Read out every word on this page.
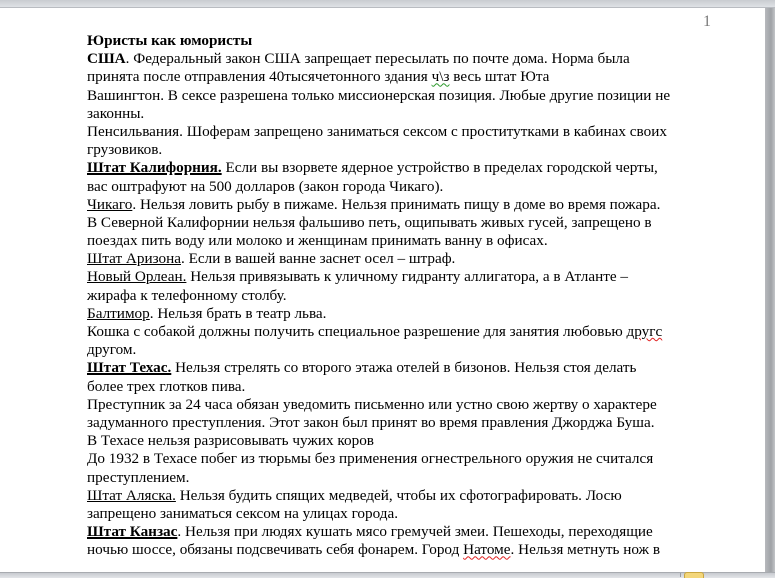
1
Юристы как юмористы
США. Федеральный закон США запрещает пересылать по почте дома. Норма была
принята после отправления 40тысячетонного здания ч\з весь штат Юта
Вашингтон. В сексе разрешена только миссионерская позиция. Любые другие позиции не
законны.
Пенсильвания. Шоферам запрещено заниматься сексом с проститутками в кабинах своих
грузовиков.
Штат Калифорния. Если вы взорвете ядерное устройство в пределах городской черты,
вас оштрафуют на 500 долларов (закон города Чикаго).
Чикаго. Нельзя ловить рыбу в пижаме. Нельзя принимать пищу в доме во время пожара.
В Северной Калифорнии нельзя фальшиво петь, ощипывать живых гусей, запрещено в
поездах пить воду или молоко и женщинам принимать ванну в офисах.
Штат Аризона. Если в вашей ванне заснет осел – штраф.
Новый Орлеан. Нельзя привязывать к уличному гидранту аллигатора, а в Атланте –
жирафа к телефонному столбу.
Балтимор. Нельзя брать в театр льва.
Кошка с собакой должны получить специальное разрешение для занятия любовью другс
другом.
Штат Техас. Нельзя стрелять со второго этажа отелей в бизонов. Нельзя стоя делать
более трех глотков пива.
Преступник за 24 часа обязан уведомить письменно или устно свою жертву о характере
задуманного преступления. Этот закон был принят во время правления Джорджа Буша.
В Техасе нельзя разрисовывать чужих коров
До 1932 в Техасе побег из тюрьмы без применения огнестрельного оружия не считался
преступлением.
Штат Аляска. Нельзя будить спящих медведей, чтобы их сфотографировать. Лосю
запрещено заниматься сексом на улицах города.
Штат Канзас. Нельзя при людях кушать мясо гремучей змеи. Пешеходы, переходящие
ночью шоссе, обязаны подсвечивать себя фонарем. Город Натоме. Нельзя метнуть нож в
